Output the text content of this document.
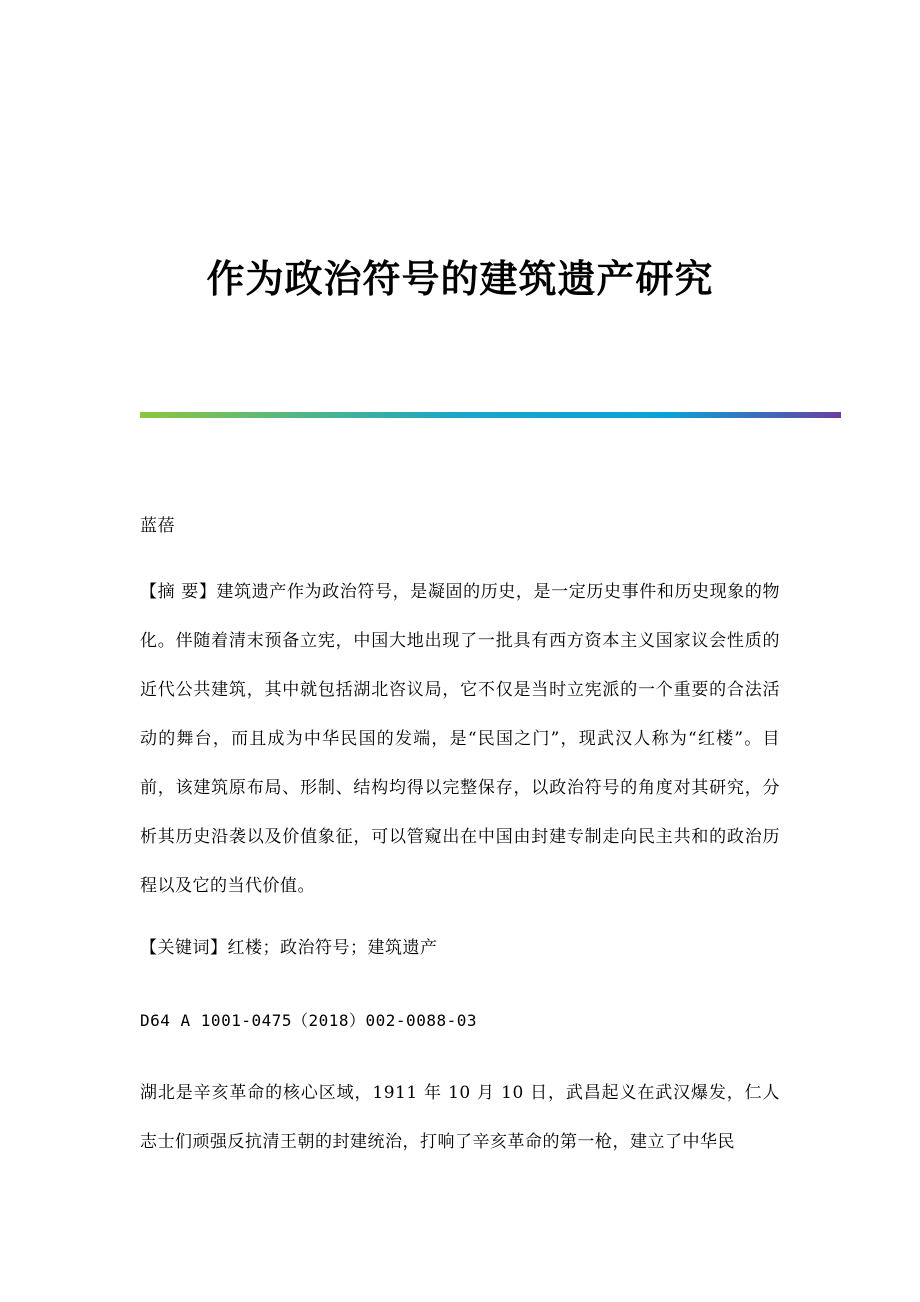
作为政治符号的建筑遗产研究
蓝蓓
【摘 要】建筑遗产作为政治符号，是凝固的历史，是一定历史事件和历史现象的物化。伴随着清末预备立宪，中国大地出现了一批具有西方资本主义国家议会性质的近代公共建筑，其中就包括湖北咨议局，它不仅是当时立宪派的一个重要的合法活动的舞台，而且成为中华民国的发端，是“民国之门”，现武汉人称为“红楼”。目前，该建筑原布局、形制、结构均得以完整保存，以政治符号的角度对其研究，分析其历史沿袭以及价值象征，可以管窥出在中国由封建专制走向民主共和的政治历程以及它的当代价值。
【关键词】红楼；政治符号；建筑遗产
D64 A 1001-0475（2018）002-0088-03
湖北是辛亥革命的核心区域，1911 年 10 月 10 日，武昌起义在武汉爆发，仁人志士们顽强反抗清王朝的封建统治，打响了辛亥革命的第一枪，建立了中华民
